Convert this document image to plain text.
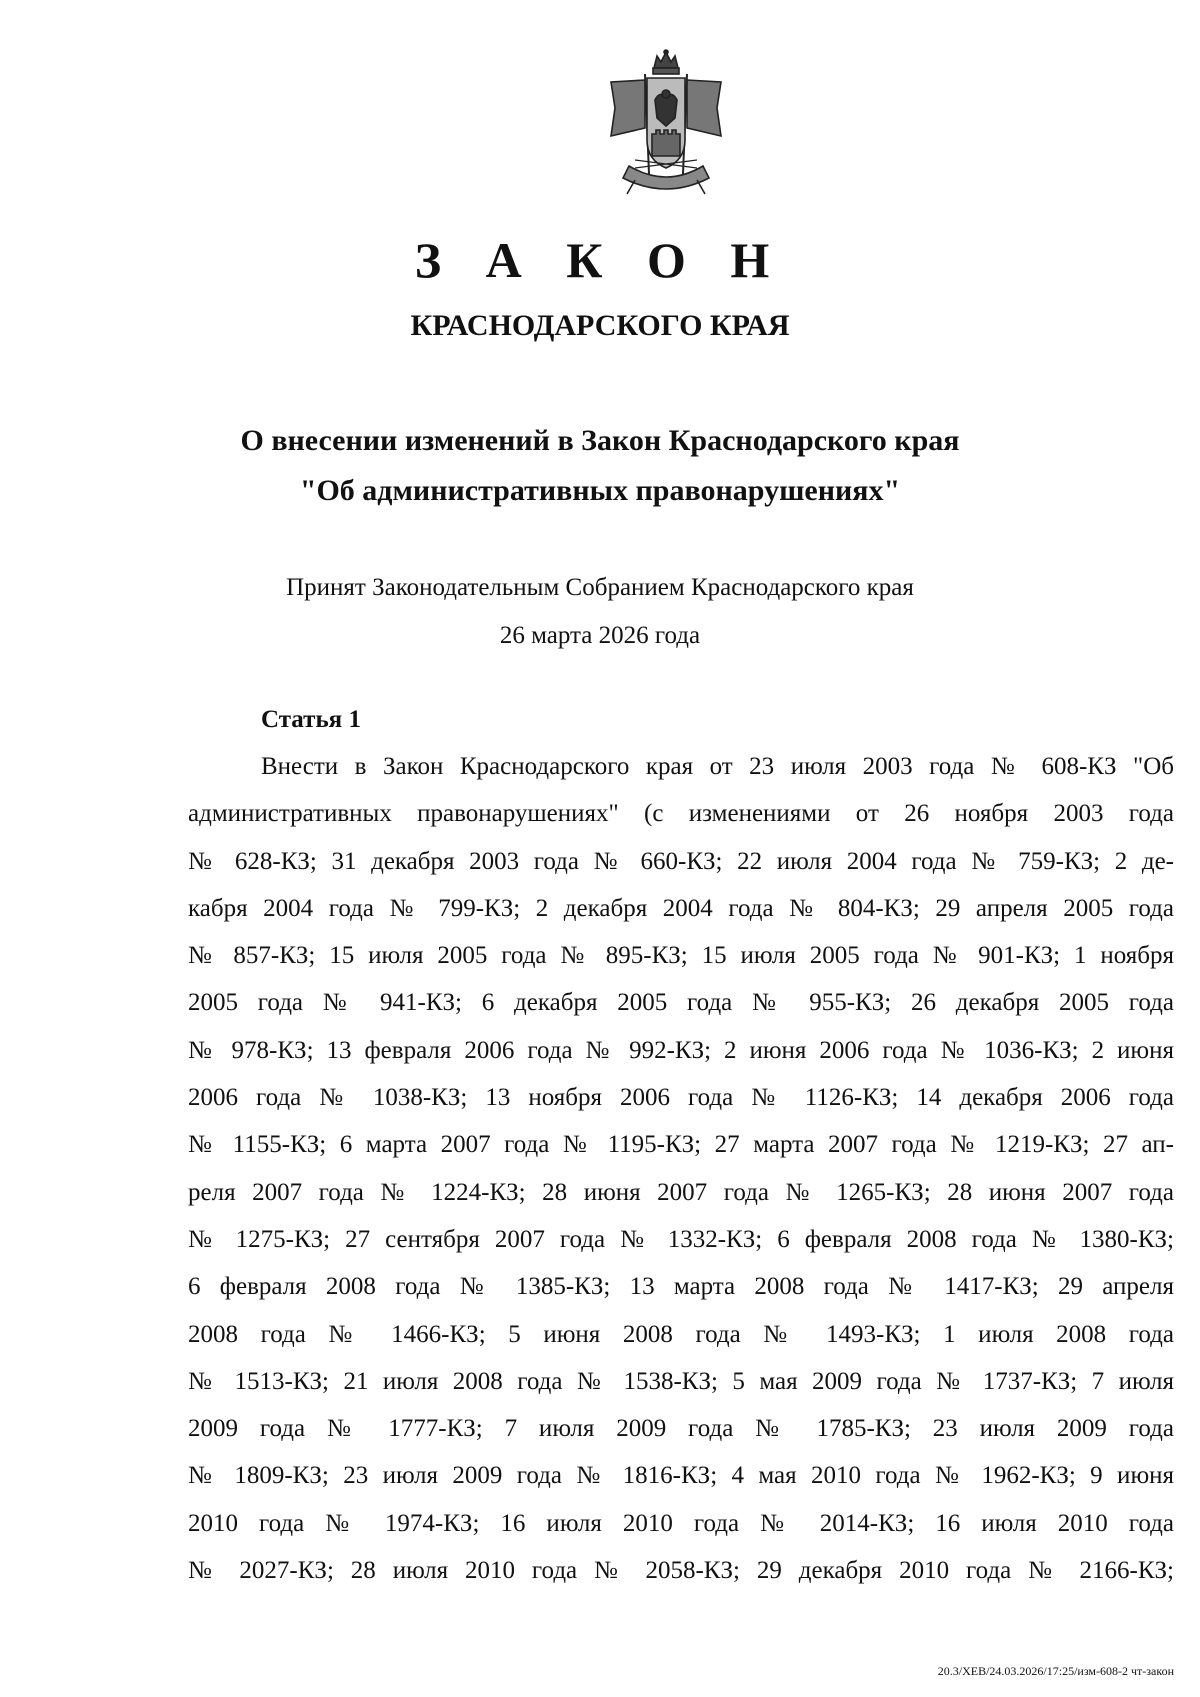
З А К О Н
КРАСНОДАРСКОГО КРАЯ
О внесении изменений в Закон Краснодарского края
"Об административных правонарушениях"
Принят Законодательным Собранием Краснодарского края
26 марта 2026 года
Статья 1
Внести в Закон Краснодарского края от 23 июля 2003 года № 608-КЗ "Об
административных правонарушениях" (с изменениями от 26 ноября 2003 года
№ 628-КЗ; 31 декабря 2003 года № 660-КЗ; 22 июля 2004 года № 759-КЗ; 2 де-
кабря 2004 года № 799-КЗ; 2 декабря 2004 года № 804-КЗ; 29 апреля 2005 года
№ 857-КЗ; 15 июля 2005 года № 895-КЗ; 15 июля 2005 года № 901-КЗ; 1 ноября
2005 года № 941-КЗ; 6 декабря 2005 года № 955-КЗ; 26 декабря 2005 года
№ 978-КЗ; 13 февраля 2006 года № 992-КЗ; 2 июня 2006 года № 1036-КЗ; 2 июня
2006 года № 1038-КЗ; 13 ноября 2006 года № 1126-КЗ; 14 декабря 2006 года
№ 1155-КЗ; 6 марта 2007 года № 1195-КЗ; 27 марта 2007 года № 1219-КЗ; 27 ап-
реля 2007 года № 1224-КЗ; 28 июня 2007 года № 1265-КЗ; 28 июня 2007 года
№ 1275-КЗ; 27 сентября 2007 года № 1332-КЗ; 6 февраля 2008 года № 1380-КЗ;
6 февраля 2008 года № 1385-КЗ; 13 марта 2008 года № 1417-КЗ; 29 апреля
2008 года № 1466-КЗ; 5 июня 2008 года № 1493-КЗ; 1 июля 2008 года
№ 1513-КЗ; 21 июля 2008 года № 1538-КЗ; 5 мая 2009 года № 1737-КЗ; 7 июля
2009 года № 1777-КЗ; 7 июля 2009 года № 1785-КЗ; 23 июля 2009 года
№ 1809-КЗ; 23 июля 2009 года № 1816-КЗ; 4 мая 2010 года № 1962-КЗ; 9 июня
2010 года № 1974-КЗ; 16 июля 2010 года № 2014-КЗ; 16 июля 2010 года
№ 2027-КЗ; 28 июля 2010 года № 2058-КЗ; 29 декабря 2010 года № 2166-КЗ;
20.3/ХЕВ/24.03.2026/17:25/изм-608-2 чт-закон
